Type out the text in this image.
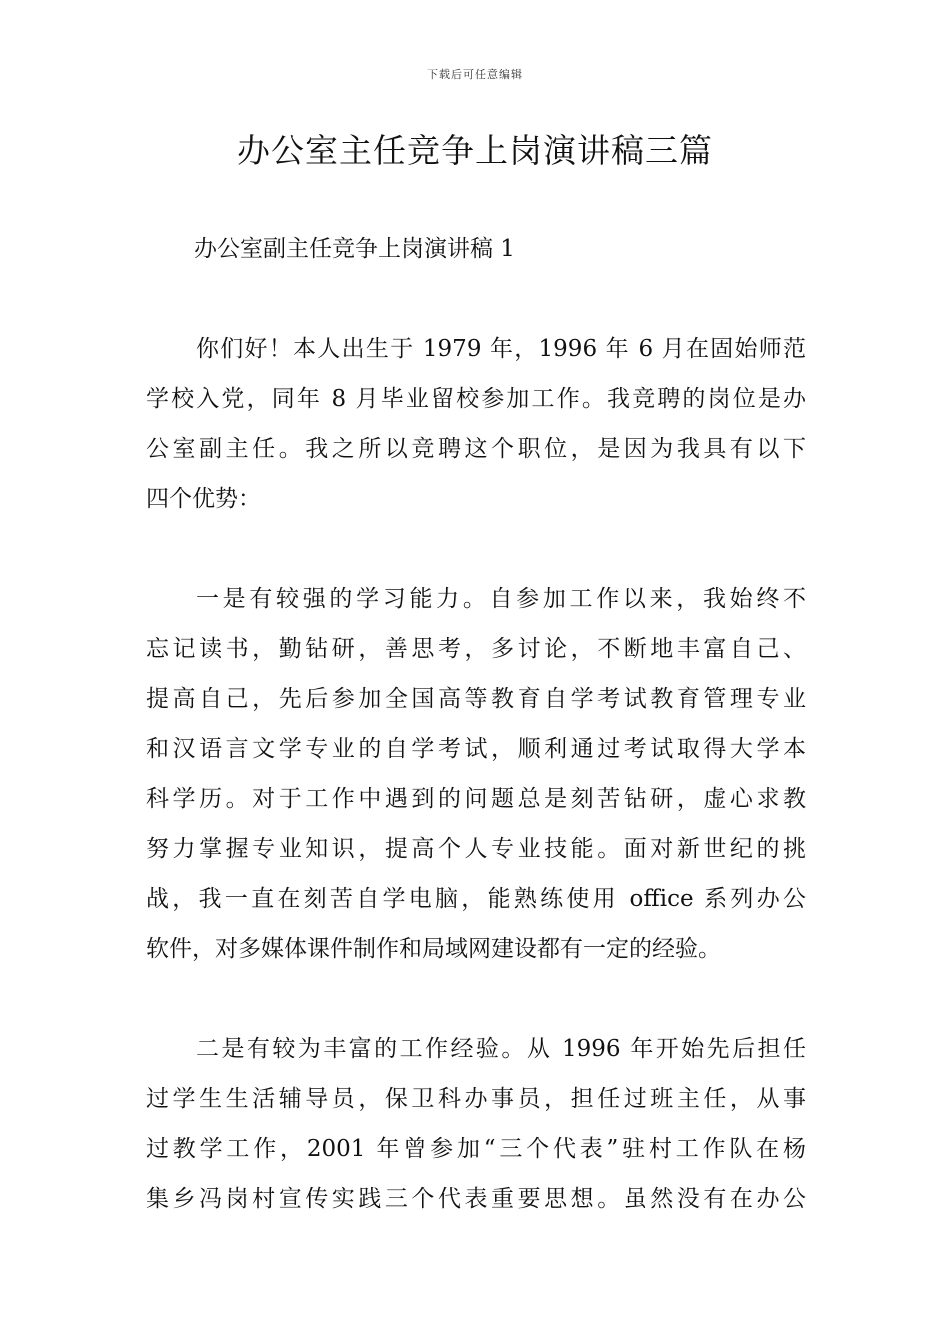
下载后可任意编辑
办公室主任竞争上岗演讲稿三篇

办公室副主任竞争上岗演讲稿 1

你们好！本人出生于 1979 年，1996 年 6 月在固始师范
学校入党，同年 8 月毕业留校参加工作。我竞聘的岗位是办
公室副主任。我之所以竞聘这个职位，是因为我具有以下
四个优势：
一是有较强的学习能力。自参加工作以来，我始终不
忘记读书，勤钻研，善思考，多讨论，不断地丰富自己、
提高自己，先后参加全国高等教育自学考试教育管理专业
和汉语言文学专业的自学考试，顺利通过考试取得大学本
科学历。对于工作中遇到的问题总是刻苦钻研，虚心求教
努力掌握专业知识，提高个人专业技能。面对新世纪的挑
战，我一直在刻苦自学电脑，能熟练使用 office 系列办公
软件，对多媒体课件制作和局域网建设都有一定的经验。
二是有较为丰富的工作经验。从 1996 年开始先后担任
过学生生活辅导员，保卫科办事员，担任过班主任，从事
过教学工作，2001 年曾参加“三个代表”驻村工作队在杨
集乡冯岗村宣传实践三个代表重要思想。虽然没有在办公
